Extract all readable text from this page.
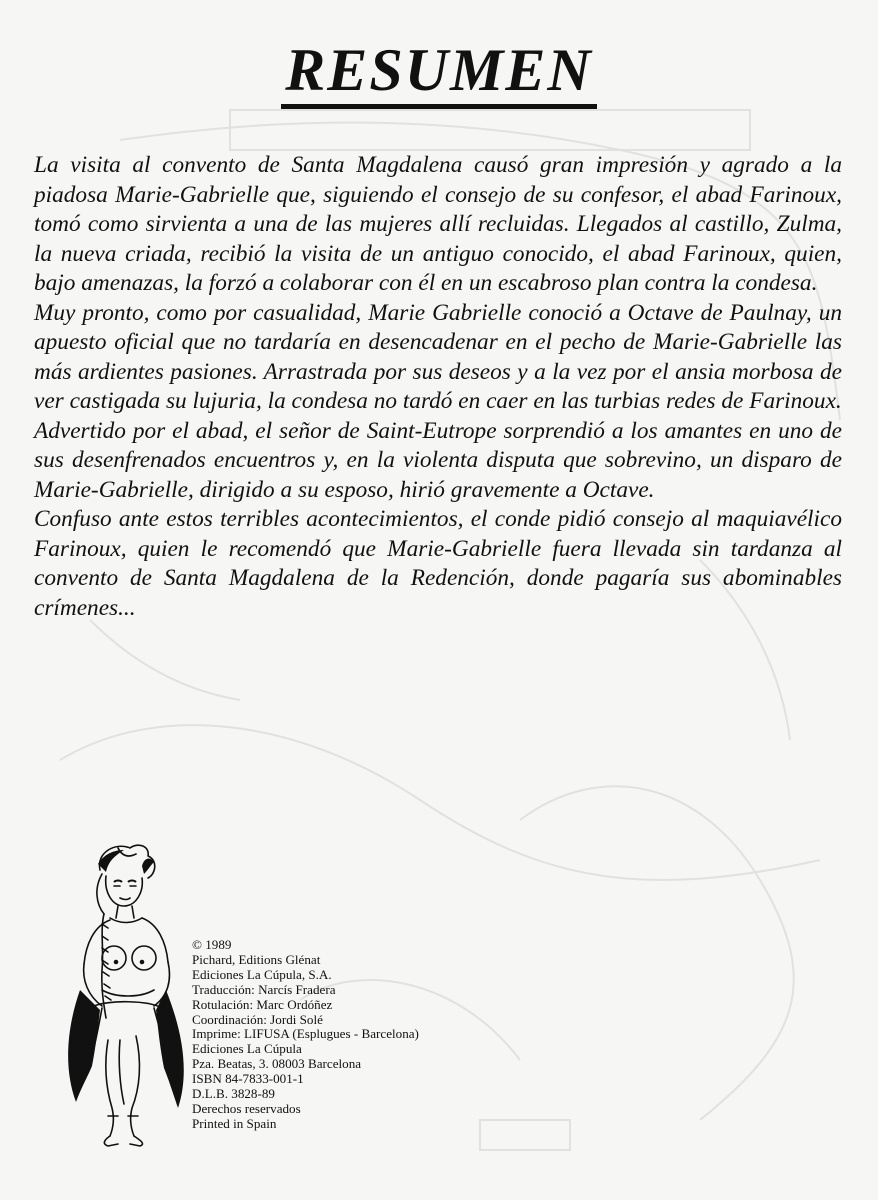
RESUMEN

La visita al convento de Santa Magdalena causó gran impresión y agrado a la piadosa Marie-Gabrielle que, siguiendo el consejo de su confesor, el abad Farinoux, tomó como sirvienta a una de las mujeres allí recluidas. Llegados al castillo, Zulma, la nueva criada, recibió la visita de un antiguo conocido, el abad Farinoux, quien, bajo amenazas, la forzó a colaborar con él en un escabroso plan contra la condesa.

Muy pronto, como por casualidad, Marie Gabrielle conoció a Octave de Paulnay, un apuesto oficial que no tardaría en desencadenar en el pecho de Marie-Gabrielle las más ardientes pasiones. Arrastrada por sus deseos y a la vez por el ansia morbosa de ver castigada su lujuria, la condesa no tardó en caer en las turbias redes de Farinoux.

Advertido por el abad, el señor de Saint-Eutrope sorprendió a los amantes en uno de sus desenfrenados encuentros y, en la violenta disputa que sobrevino, un disparo de Marie-Gabrielle, dirigido a su esposo, hirió gravemente a Octave.

Confuso ante estos terribles acontecimientos, el conde pidió consejo al maquiavélico Farinoux, quien le recomendó que Marie-Gabrielle fuera llevada sin tardanza al convento de Santa Magdalena de la Redención, donde pagaría sus abominables crímenes...

© 1989
Pichard, Editions Glénat
Ediciones La Cúpula, S.A.
Traducción: Narcís Fradera
Rotulación: Marc Ordóñez
Coordinación: Jordi Solé
Imprime: LIFUSA (Esplugues - Barcelona)
Ediciones La Cúpula
Pza. Beatas, 3. 08003 Barcelona
ISBN 84-7833-001-1
D.L.B. 3828-89
Derechos reservados
Printed in Spain
